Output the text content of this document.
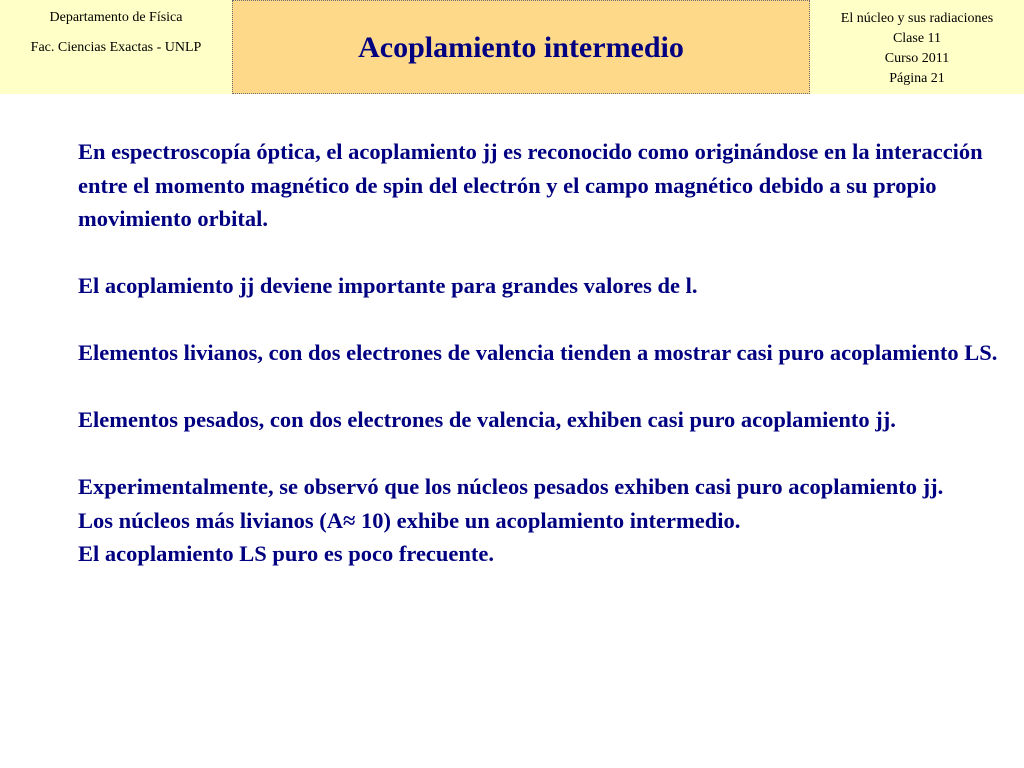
Departamento de Física
Fac. Ciencias Exactas - UNLP	Acoplamiento intermedio
El núcleo y sus radiaciones
Clase 11
Curso 2011
Página 21

En espectroscopía óptica, el acoplamiento jj es reconocido como originándose en la interacción entre el momento magnético de spin del electrón y el campo magnético debido a su propio movimiento orbital.

El acoplamiento jj deviene importante para grandes valores de l.

Elementos livianos, con dos electrones de valencia tienden a mostrar casi puro acoplamiento LS.

Elementos pesados, con dos electrones de valencia, exhiben casi puro acoplamiento jj.

Experimentalmente, se observó que los núcleos pesados exhiben casi puro acoplamiento jj.

Los núcleos más livianos (A≈ 10) exhibe un acoplamiento intermedio.

El acoplamiento LS puro es poco frecuente.
